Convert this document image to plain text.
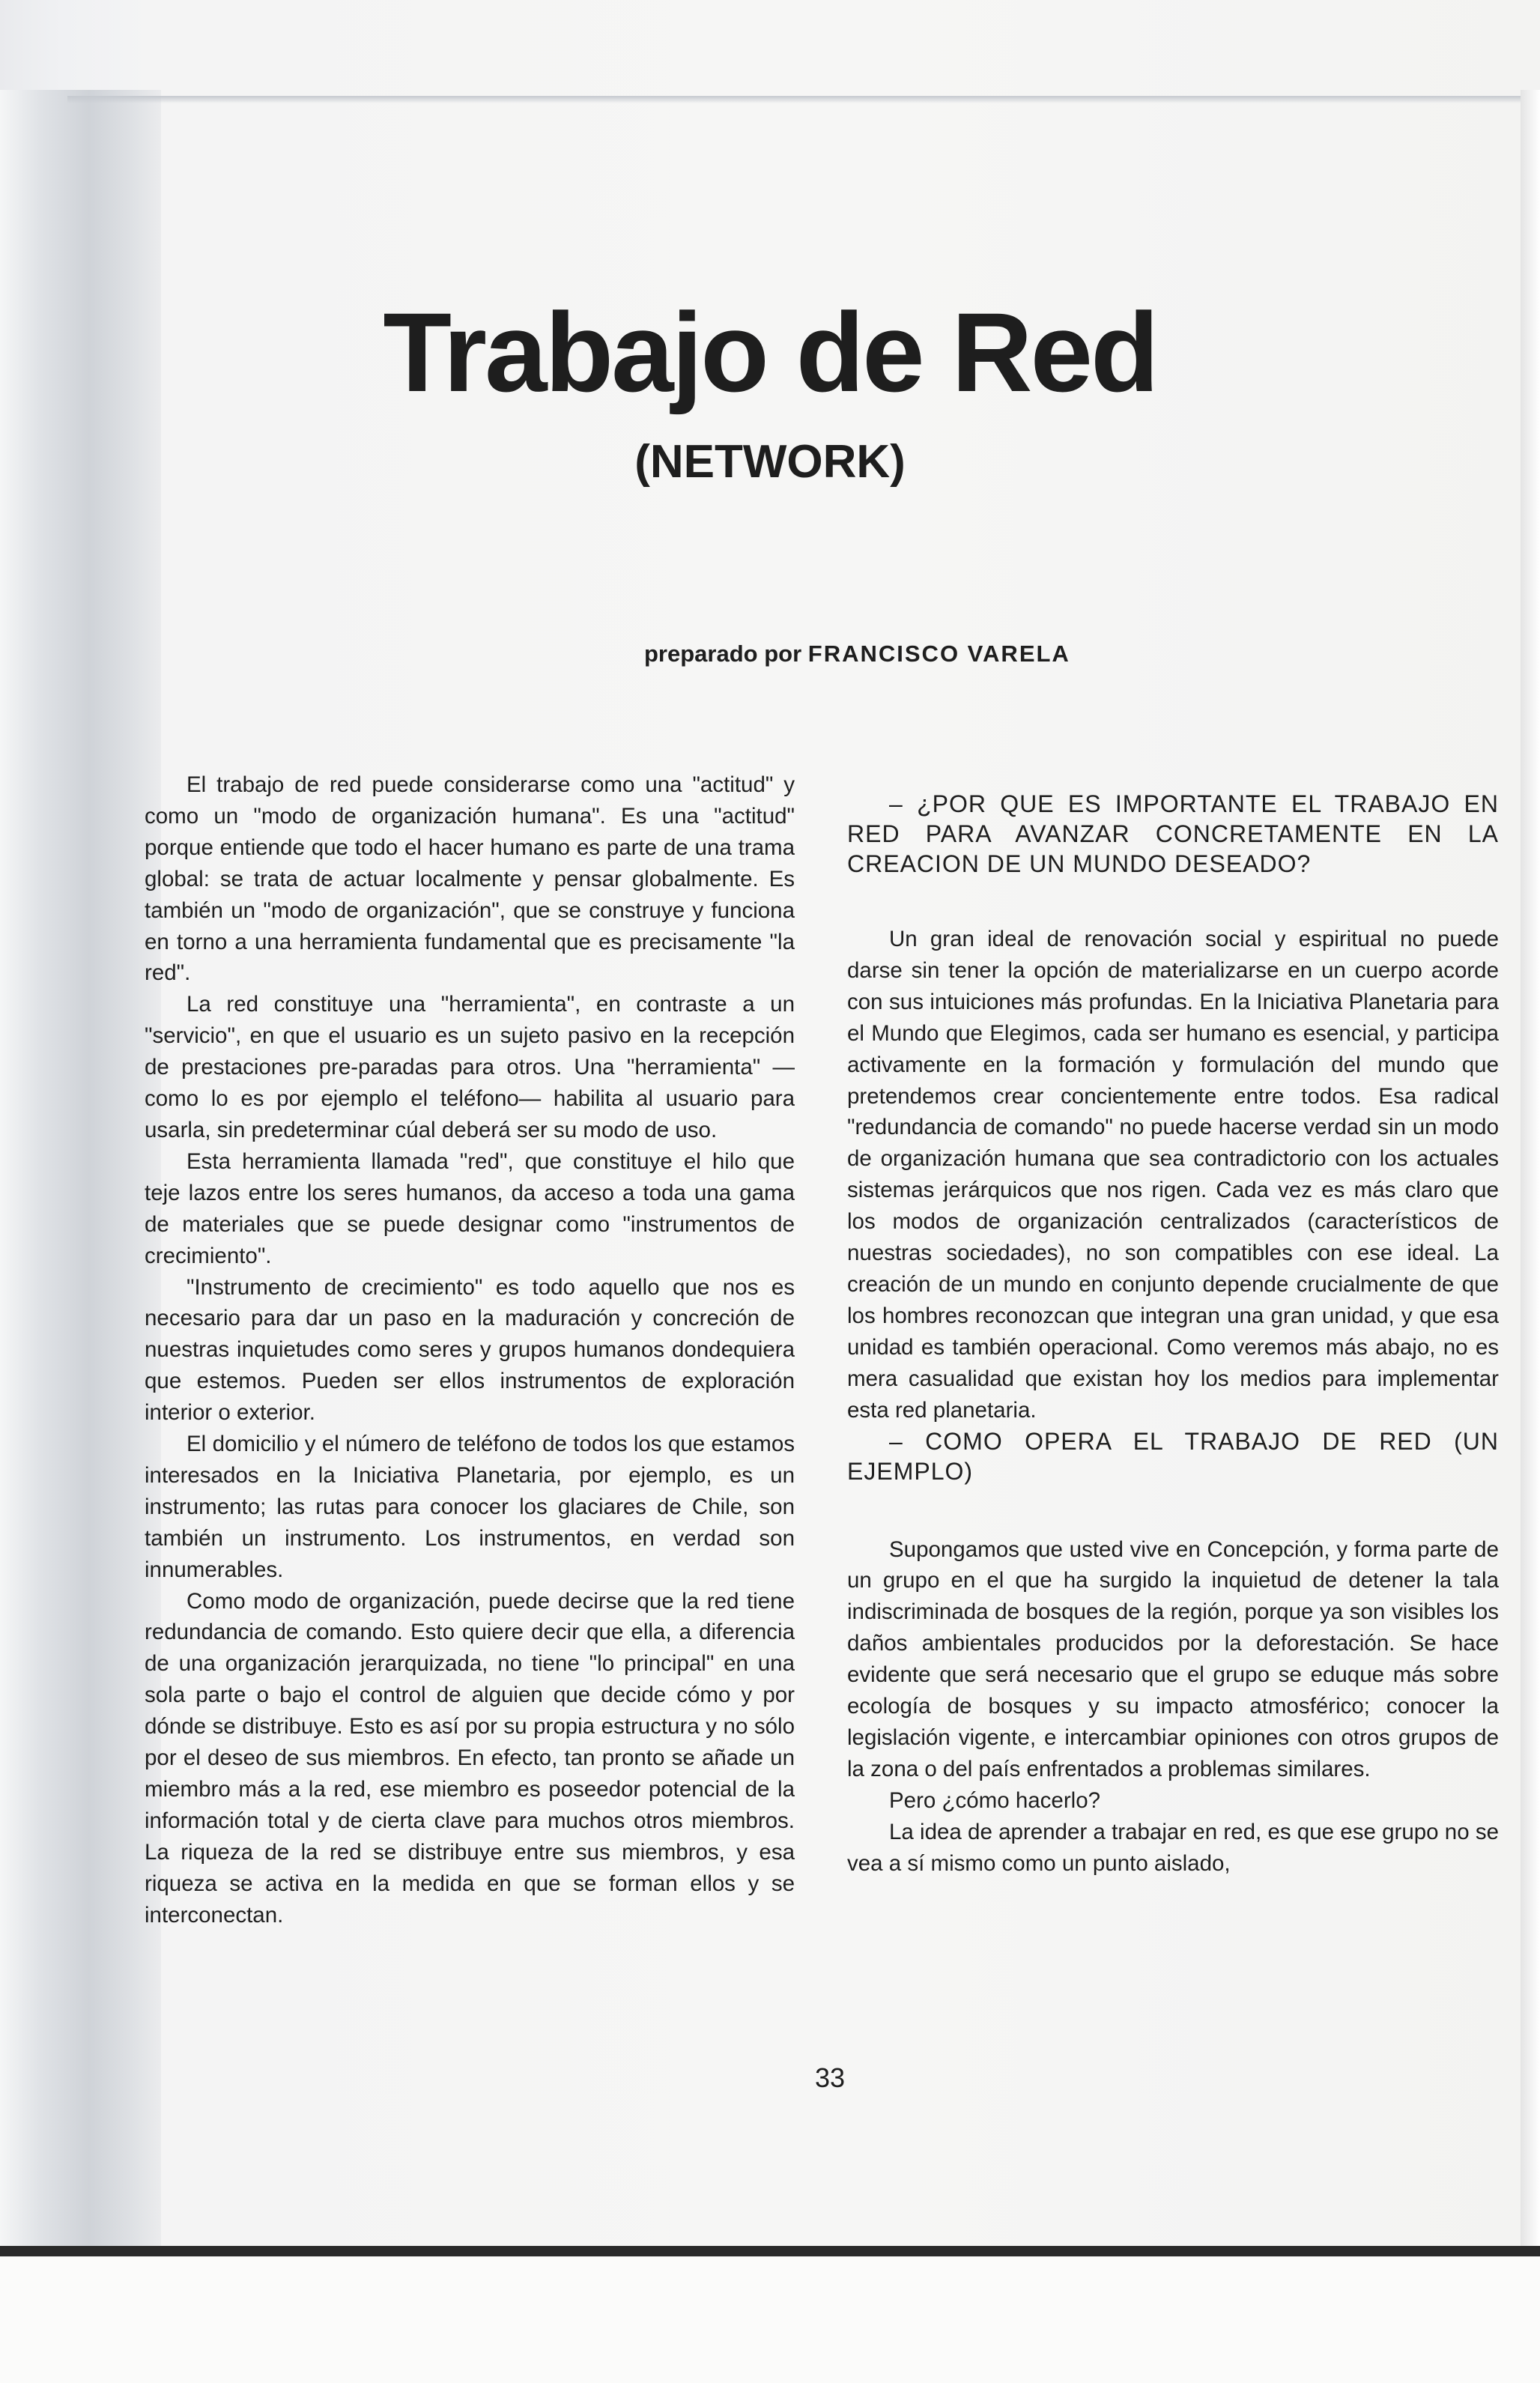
Trabajo de Red
(NETWORK)

preparado por FRANCISCO VARELA

El trabajo de red puede considerarse como una "actitud" y como un "modo de organización humana". Es una "actitud" porque entiende que todo el hacer humano es parte de una trama global: se trata de actuar localmente y pensar globalmente. Es también un "modo de organización", que se construye y funciona en torno a una herramienta fundamental que es precisamente "la red".

La red constituye una "herramienta", en contraste a un "servicio", en que el usuario es un sujeto pasivo en la recepción de prestaciones pre-paradas para otros. Una "herramienta" —como lo es por ejemplo el teléfono— habilita al usuario para usarla, sin predeterminar cúal deberá ser su modo de uso.

Esta herramienta llamada "red", que constituye el hilo que teje lazos entre los seres humanos, da acceso a toda una gama de materiales que se puede designar como "instrumentos de crecimiento".

"Instrumento de crecimiento" es todo aquello que nos es necesario para dar un paso en la maduración y concreción de nuestras inquietudes como seres y grupos humanos dondequiera que estemos. Pueden ser ellos instrumentos de exploración interior o exterior.

El domicilio y el número de teléfono de todos los que estamos interesados en la Iniciativa Planetaria, por ejemplo, es un instrumento; las rutas para conocer los glaciares de Chile, son también un instrumento. Los instrumentos, en verdad son innumerables.

Como modo de organización, puede decirse que la red tiene redundancia de comando. Esto quiere decir que ella, a diferencia de una organización jerarquizada, no tiene "lo principal" en una sola parte o bajo el control de alguien que decide cómo y por dónde se distribuye. Esto es así por su propia estructura y no sólo por el deseo de sus miembros. En efecto, tan pronto se añade un miembro más a la red, ese miembro es poseedor potencial de la información total y de cierta clave para muchos otros miembros. La riqueza de la red se distribuye entre sus miembros, y esa riqueza se activa en la medida en que se forman ellos y se interconectan.

– ¿POR QUE ES IMPORTANTE EL TRABAJO EN RED PARA AVANZAR CONCRETAMENTE EN LA CREACION DE UN MUNDO DESEADO?

Un gran ideal de renovación social y espiritual no puede darse sin tener la opción de materializarse en un cuerpo acorde con sus intuiciones más profundas. En la Iniciativa Planetaria para el Mundo que Elegimos, cada ser humano es esencial, y participa activamente en la formación y formulación del mundo que pretendemos crear concientemente entre todos. Esa radical "redundancia de comando" no puede hacerse verdad sin un modo de organización humana que sea contradictorio con los actuales sistemas jerárquicos que nos rigen. Cada vez es más claro que los modos de organización centralizados (característicos de nuestras sociedades), no son compatibles con ese ideal. La creación de un mundo en conjunto depende crucialmente de que los hombres reconozcan que integran una gran unidad, y que esa unidad es también operacional. Como veremos más abajo, no es mera casualidad que existan hoy los medios para implementar esta red planetaria.

– COMO OPERA EL TRABAJO DE RED (UN EJEMPLO)

Supongamos que usted vive en Concepción, y forma parte de un grupo en el que ha surgido la inquietud de detener la tala indiscriminada de bosques de la región, porque ya son visibles los daños ambientales producidos por la deforestación. Se hace evidente que será necesario que el grupo se eduque más sobre ecología de bosques y su impacto atmosférico; conocer la legislación vigente, e intercambiar opiniones con otros grupos de la zona o del país enfrentados a problemas similares.

Pero ¿cómo hacerlo?

La idea de aprender a trabajar en red, es que ese grupo no se vea a sí mismo como un punto aislado,

33
